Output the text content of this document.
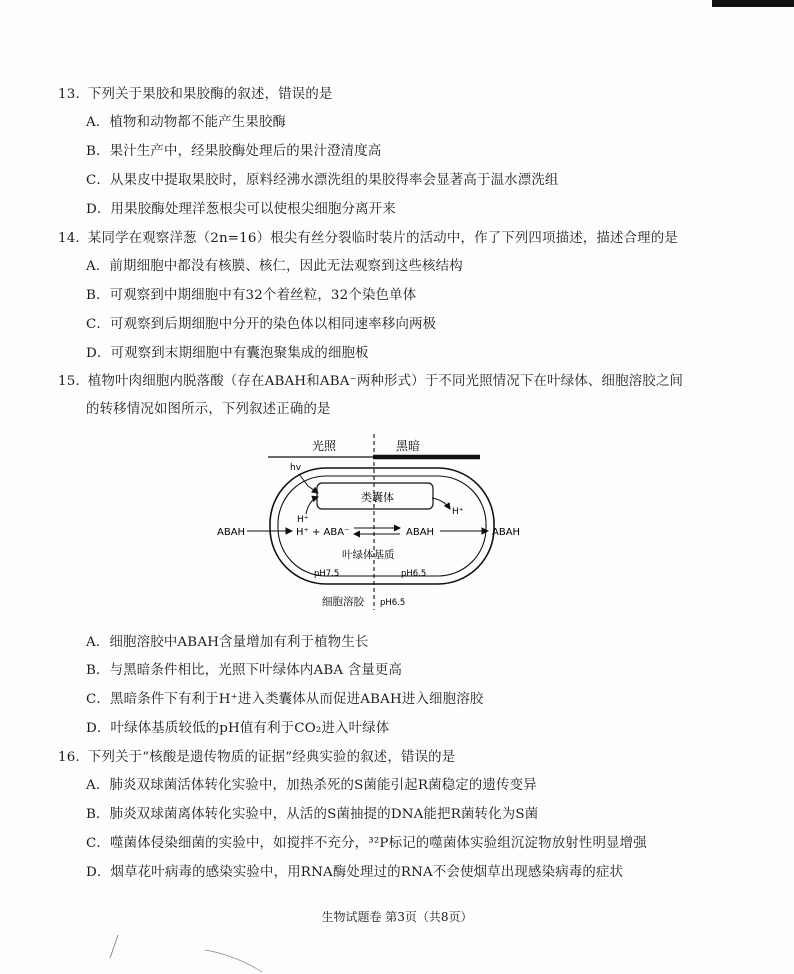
13. 下列关于果胶和果胶酶的叙述，错误的是
A．植物和动物都不能产生果胶酶
B．果汁生产中，经果胶酶处理后的果汁澄清度高
C．从果皮中提取果胶时，原料经沸水漂洗组的果胶得率会显著高于温水漂洗组
D．用果胶酶处理洋葱根尖可以使根尖细胞分离开来
14. 某同学在观察洋葱（2n=16）根尖有丝分裂临时装片的活动中，作了下列四项描述，描述合理的是
A．前期细胞中都没有核膜、核仁，因此无法观察到这些核结构
B．可观察到中期细胞中有32个着丝粒，32个染色单体
C．可观察到后期细胞中分开的染色体以相同速率移向两极
D．可观察到末期细胞中有囊泡聚集成的细胞板
15. 植物叶肉细胞内脱落酸（存在ABAH和ABA⁻两种形式）于不同光照情况下在叶绿体、细胞溶胶之间
的转移情况如图所示，下列叙述正确的是
光照	黑暗
类囊体
hv
H⁺
H⁺
ABAH	H⁺ + ABA⁻	ABAH	ABAH
叶绿体基质
pH7.5	pH6.5
细胞溶胶 pH6.5
A．细胞溶胶中ABAH含量增加有利于植物生长
B．与黑暗条件相比，光照下叶绿体内ABA 含量更高
C．黑暗条件下有利于H⁺进入类囊体从而促进ABAH进入细胞溶胶
D．叶绿体基质较低的pH值有利于CO₂进入叶绿体
16. 下列关于“核酸是遗传物质的证据”经典实验的叙述，错误的是
A．肺炎双球菌活体转化实验中，加热杀死的S菌能引起R菌稳定的遗传变异
B．肺炎双球菌离体转化实验中，从活的S菌抽提的DNA能把R菌转化为S菌
C．噬菌体侵染细菌的实验中，如搅拌不充分，³²P标记的噬菌体实验组沉淀物放射性明显增强
D．烟草花叶病毒的感染实验中，用RNA酶处理过的RNA不会使烟草出现感染病毒的症状
生物试题卷 第3页（共8页）
